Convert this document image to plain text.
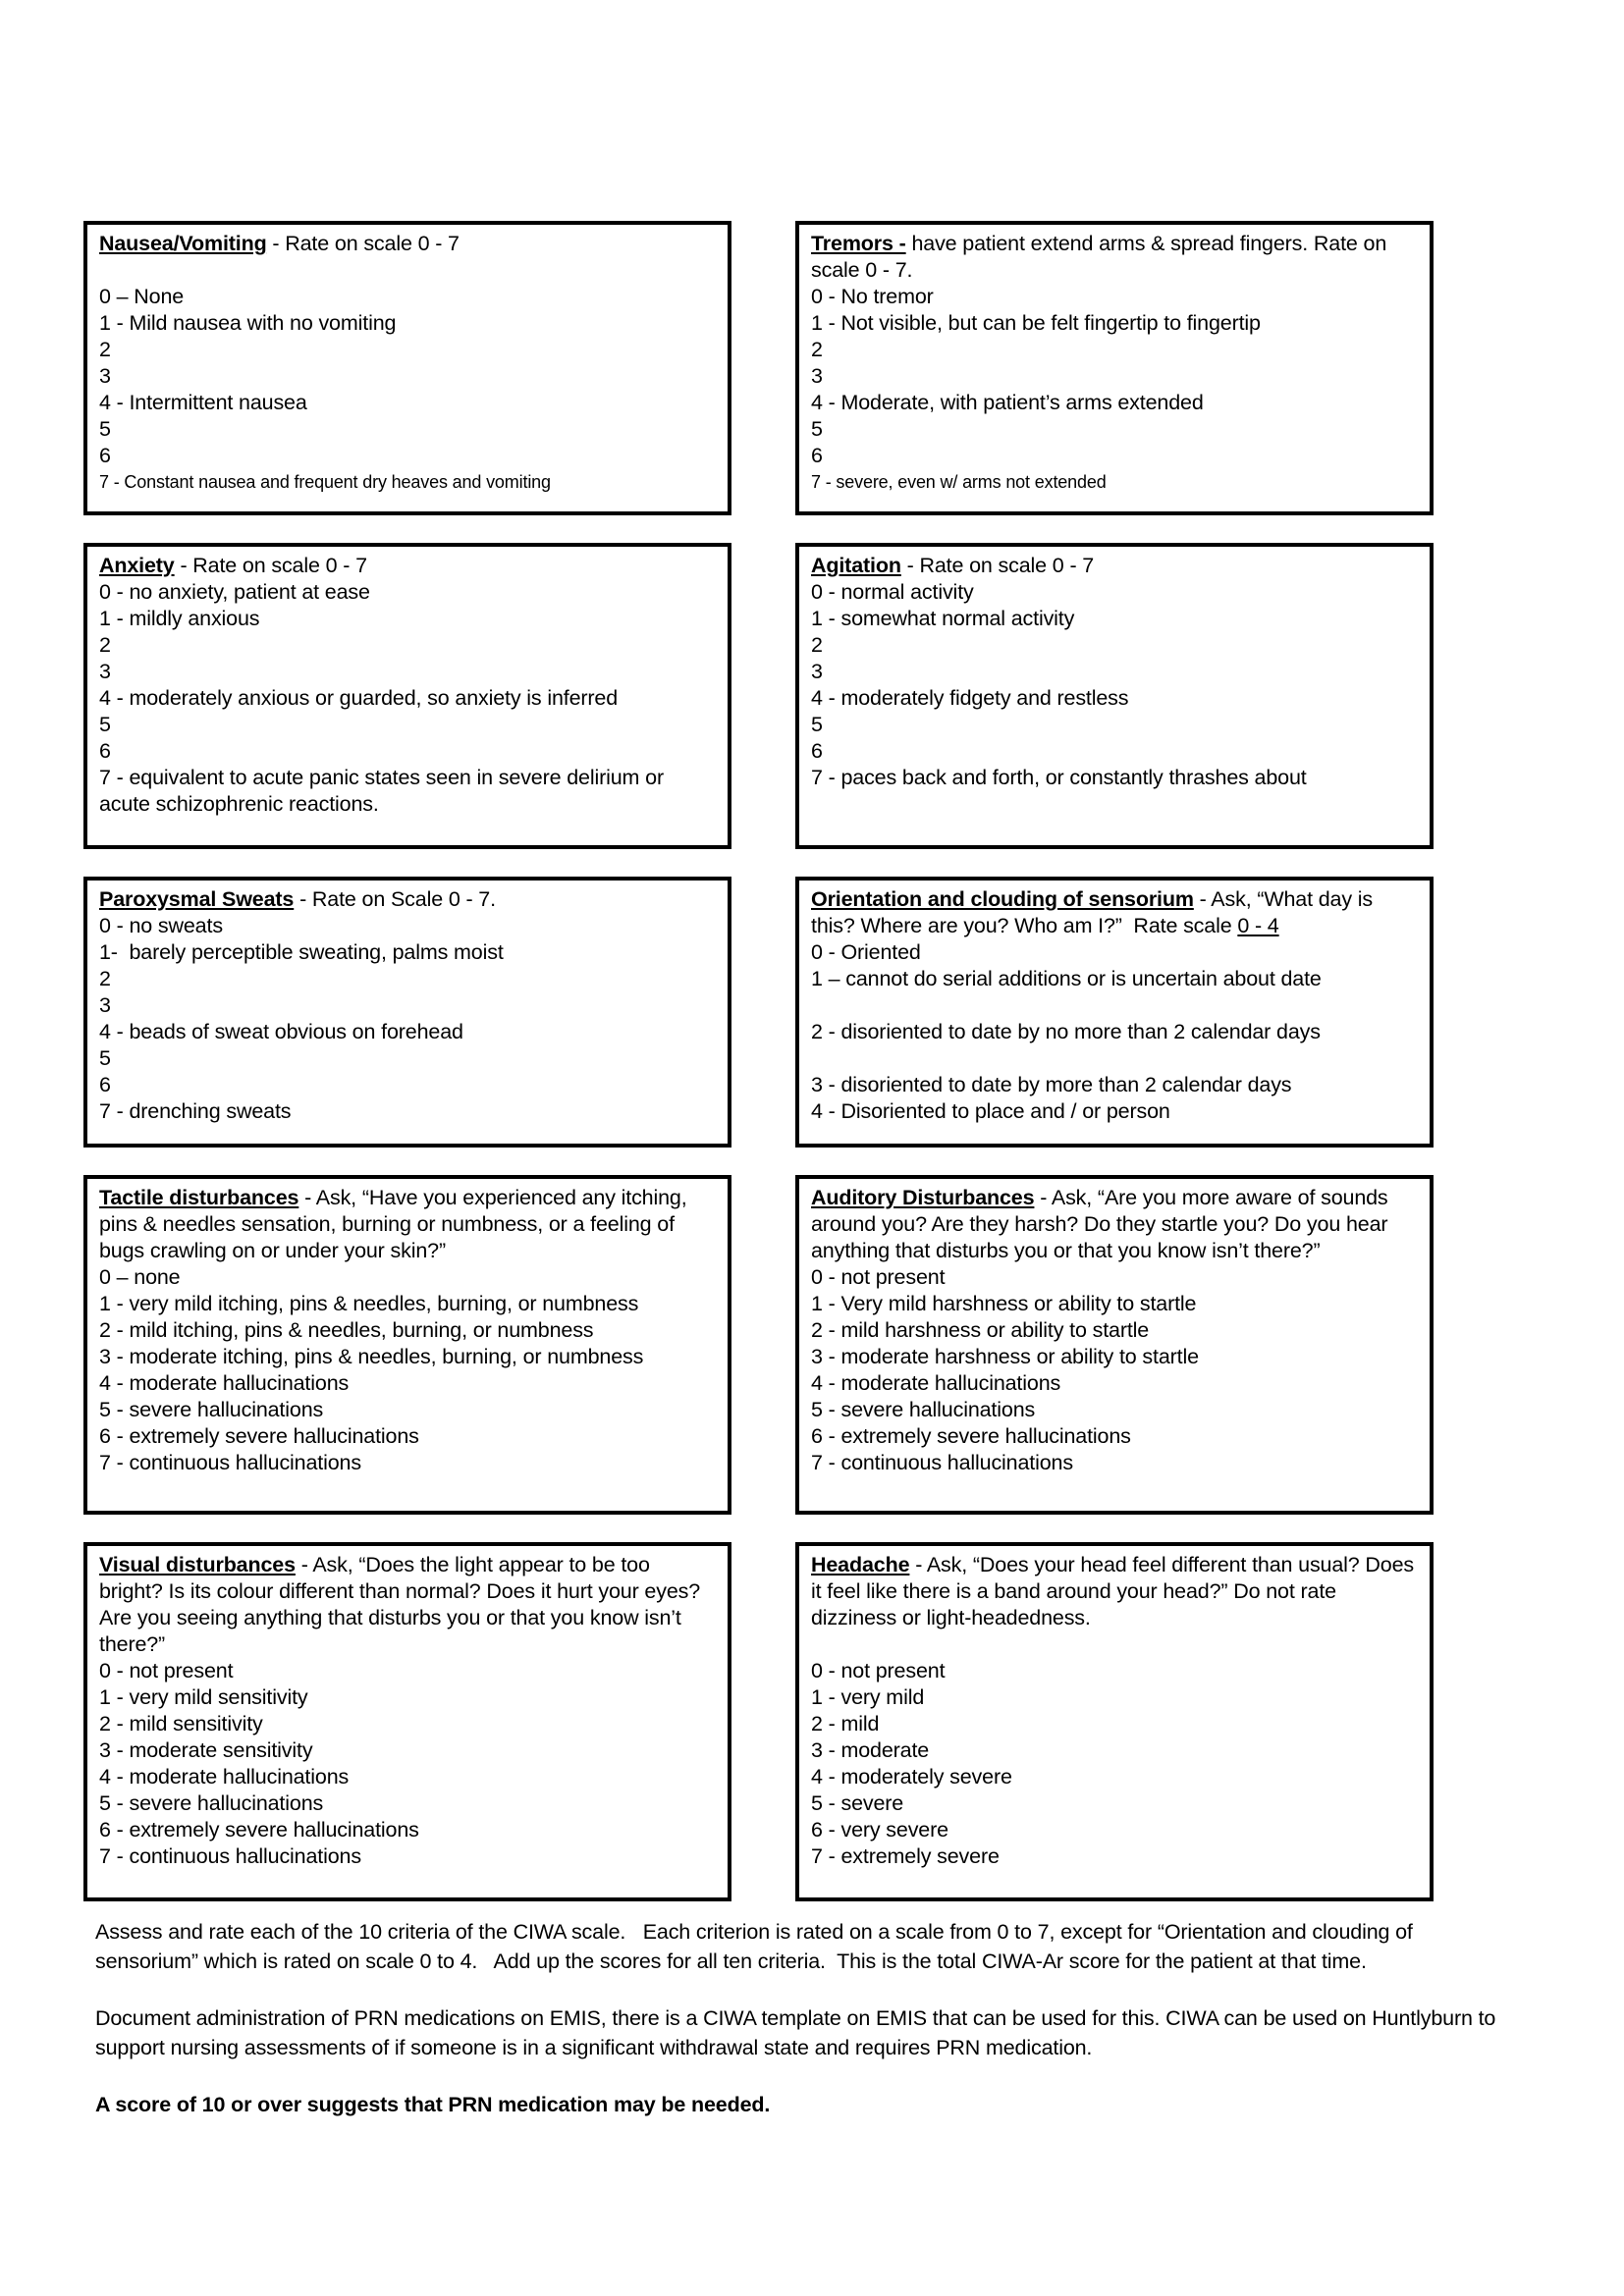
Nausea/Vomiting - Rate on scale 0 - 7
0 – None
1 - Mild nausea with no vomiting
2
3
4 - Intermittent nausea
5
6
7 - Constant nausea and frequent dry heaves and vomiting
Tremors - have patient extend arms & spread fingers. Rate on scale 0 - 7.
0 - No tremor
1 - Not visible, but can be felt fingertip to fingertip
2
3
4 - Moderate, with patient’s arms extended
5
6
7 - severe, even w/ arms not extended
Anxiety - Rate on scale 0 - 7
0 - no anxiety, patient at ease
1 - mildly anxious
2
3
4 - moderately anxious or guarded, so anxiety is inferred
5
6
7 - equivalent to acute panic states seen in severe delirium or acute schizophrenic reactions.
Agitation - Rate on scale 0 - 7
0 - normal activity
1 - somewhat normal activity
2
3
4 - moderately fidgety and restless
5
6
7 - paces back and forth, or constantly thrashes about
Paroxysmal Sweats - Rate on Scale 0 - 7.
0 - no sweats
1-  barely perceptible sweating, palms moist
2
3
4 - beads of sweat obvious on forehead
5
6
7 - drenching sweats
Orientation and clouding of sensorium - Ask, “What day is this? Where are you? Who am I?”  Rate scale 0 - 4
0 - Oriented
1 – cannot do serial additions or is uncertain about date
2 - disoriented to date by no more than 2 calendar days
3 - disoriented to date by more than 2 calendar days
4 - Disoriented to place and / or person
Tactile disturbances - Ask, “Have you experienced any itching, pins & needles sensation, burning or numbness, or a feeling of bugs crawling on or under your skin?”
0 – none
1 - very mild itching, pins & needles, burning, or numbness
2 - mild itching, pins & needles, burning, or numbness
3 - moderate itching, pins & needles, burning, or numbness
4 - moderate hallucinations
5 - severe hallucinations
6 - extremely severe hallucinations
7 - continuous hallucinations
Auditory Disturbances - Ask, “Are you more aware of sounds around you? Are they harsh? Do they startle you? Do you hear anything that disturbs you or that you know isn’t there?”
0 - not present
1 - Very mild harshness or ability to startle
2 - mild harshness or ability to startle
3 - moderate harshness or ability to startle
4 - moderate hallucinations
5 - severe hallucinations
6 - extremely severe hallucinations
7 - continuous hallucinations
Visual disturbances - Ask, “Does the light appear to be too bright? Is its colour different than normal? Does it hurt your eyes? Are you seeing anything that disturbs you or that you know isn’t there?”
0 - not present
1 - very mild sensitivity
2 - mild sensitivity
3 - moderate sensitivity
4 - moderate hallucinations
5 - severe hallucinations
6 - extremely severe hallucinations
7 - continuous hallucinations
Headache - Ask, “Does your head feel different than usual? Does it feel like there is a band around your head?” Do not rate dizziness or light-headedness.
0 - not present
1 - very mild
2 - mild
3 - moderate
4 - moderately severe
5 - severe
6 - very severe
7 - extremely severe

Assess and rate each of the 10 criteria of the CIWA scale.   Each criterion is rated on a scale from 0 to 7, except for “Orientation and clouding of sensorium” which is rated on scale 0 to 4.   Add up the scores for all ten criteria.  This is the total CIWA-Ar score for the patient at that time.

Document administration of PRN medications on EMIS, there is a CIWA template on EMIS that can be used for this. CIWA can be used on Huntlyburn to support nursing assessments of if someone is in a significant withdrawal state and requires PRN medication.

A score of 10 or over suggests that PRN medication may be needed.
